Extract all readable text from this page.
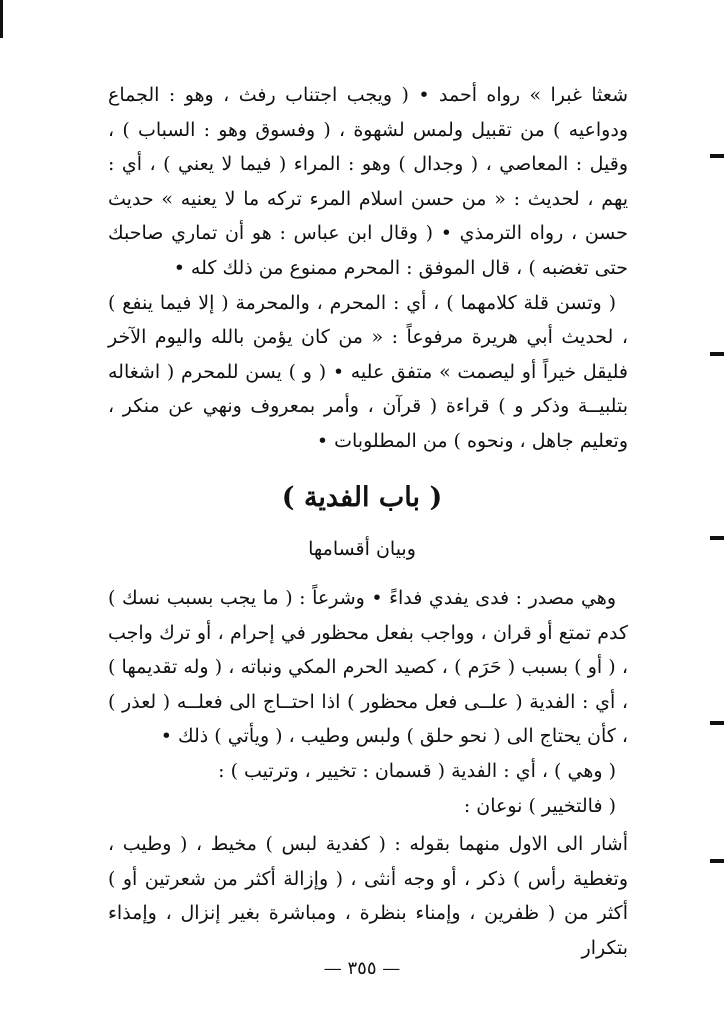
شعثا غبرا » رواه أحمد • ( ويجب اجتناب رفث ، وهو : الجماع ودواعيه ) من تقبيل ولمس لشهوة ، ( وفسوق وهو : السباب ) ، وقيل : المعاصي ، ( وجدال ) وهو : المراء ( فيما لا يعني ) ، أي : يهم ، لحديث : « من حسن اسلام المرء تركه ما لا يعنيه » حديث حسن ، رواه الترمذي • ( وقال ابن عباس : هو أن تماري صاحبك حتى تغضبه ) ، قال الموفق : المحرم ممنوع من ذلك كله •

( وتسن قلة كلامهما ) ، أي : المحرم ، والمحرمة ( إلا فيما ينفع ) ، لحديث أبي هريرة مرفوعاً : « من كان يؤمن بالله واليوم الآخر فليقل خيراً أو ليصمت » متفق عليه • ( و ) يسن للمحرم ( اشغاله بتلبيــة وذكر و ) قراءة ( قرآن ، وأمر بمعروف ونهي عن منكر ، وتعليم جاهل ، ونحوه ) من المطلوبات •

( باب الفدية )
وبيان أقسامها

وهي مصدر : فدى يفدي فداءً • وشرعاً : ( ما يجب بسبب نسك ) كدم تمتع أو قران ، وواجب بفعل محظور في إحرام ، أو ترك واجب ، ( أو ) بسبب ( حَرَم ) ، كصيد الحرم المكي ونباته ، ( وله تقديمها ) ، أي : الفدية ( علــى فعل محظور ) اذا احتــاج الى فعلــه ( لعذر ) ، كأن يحتاج الى ( نحو حلق ) ولبس وطيب ، ( ويأتي ) ذلك •

( وهي ) ، أي : الفدية ( قسمان : تخيير ، وترتيب ) :

( فالتخيير ) نوعان :

أشار الى الاول منهما بقوله : ( كفدية لبس ) مخيط ، ( وطيب ، وتغطية رأس ) ذكر ، أو وجه أنثى ، ( وإزالة أكثر من شعرتين أو ) أكثر من ( ظفرين ، وإمناء بنظرة ، ومباشرة بغير إنزال ، وإمذاء بتكرار

— ٣٥٥ —
